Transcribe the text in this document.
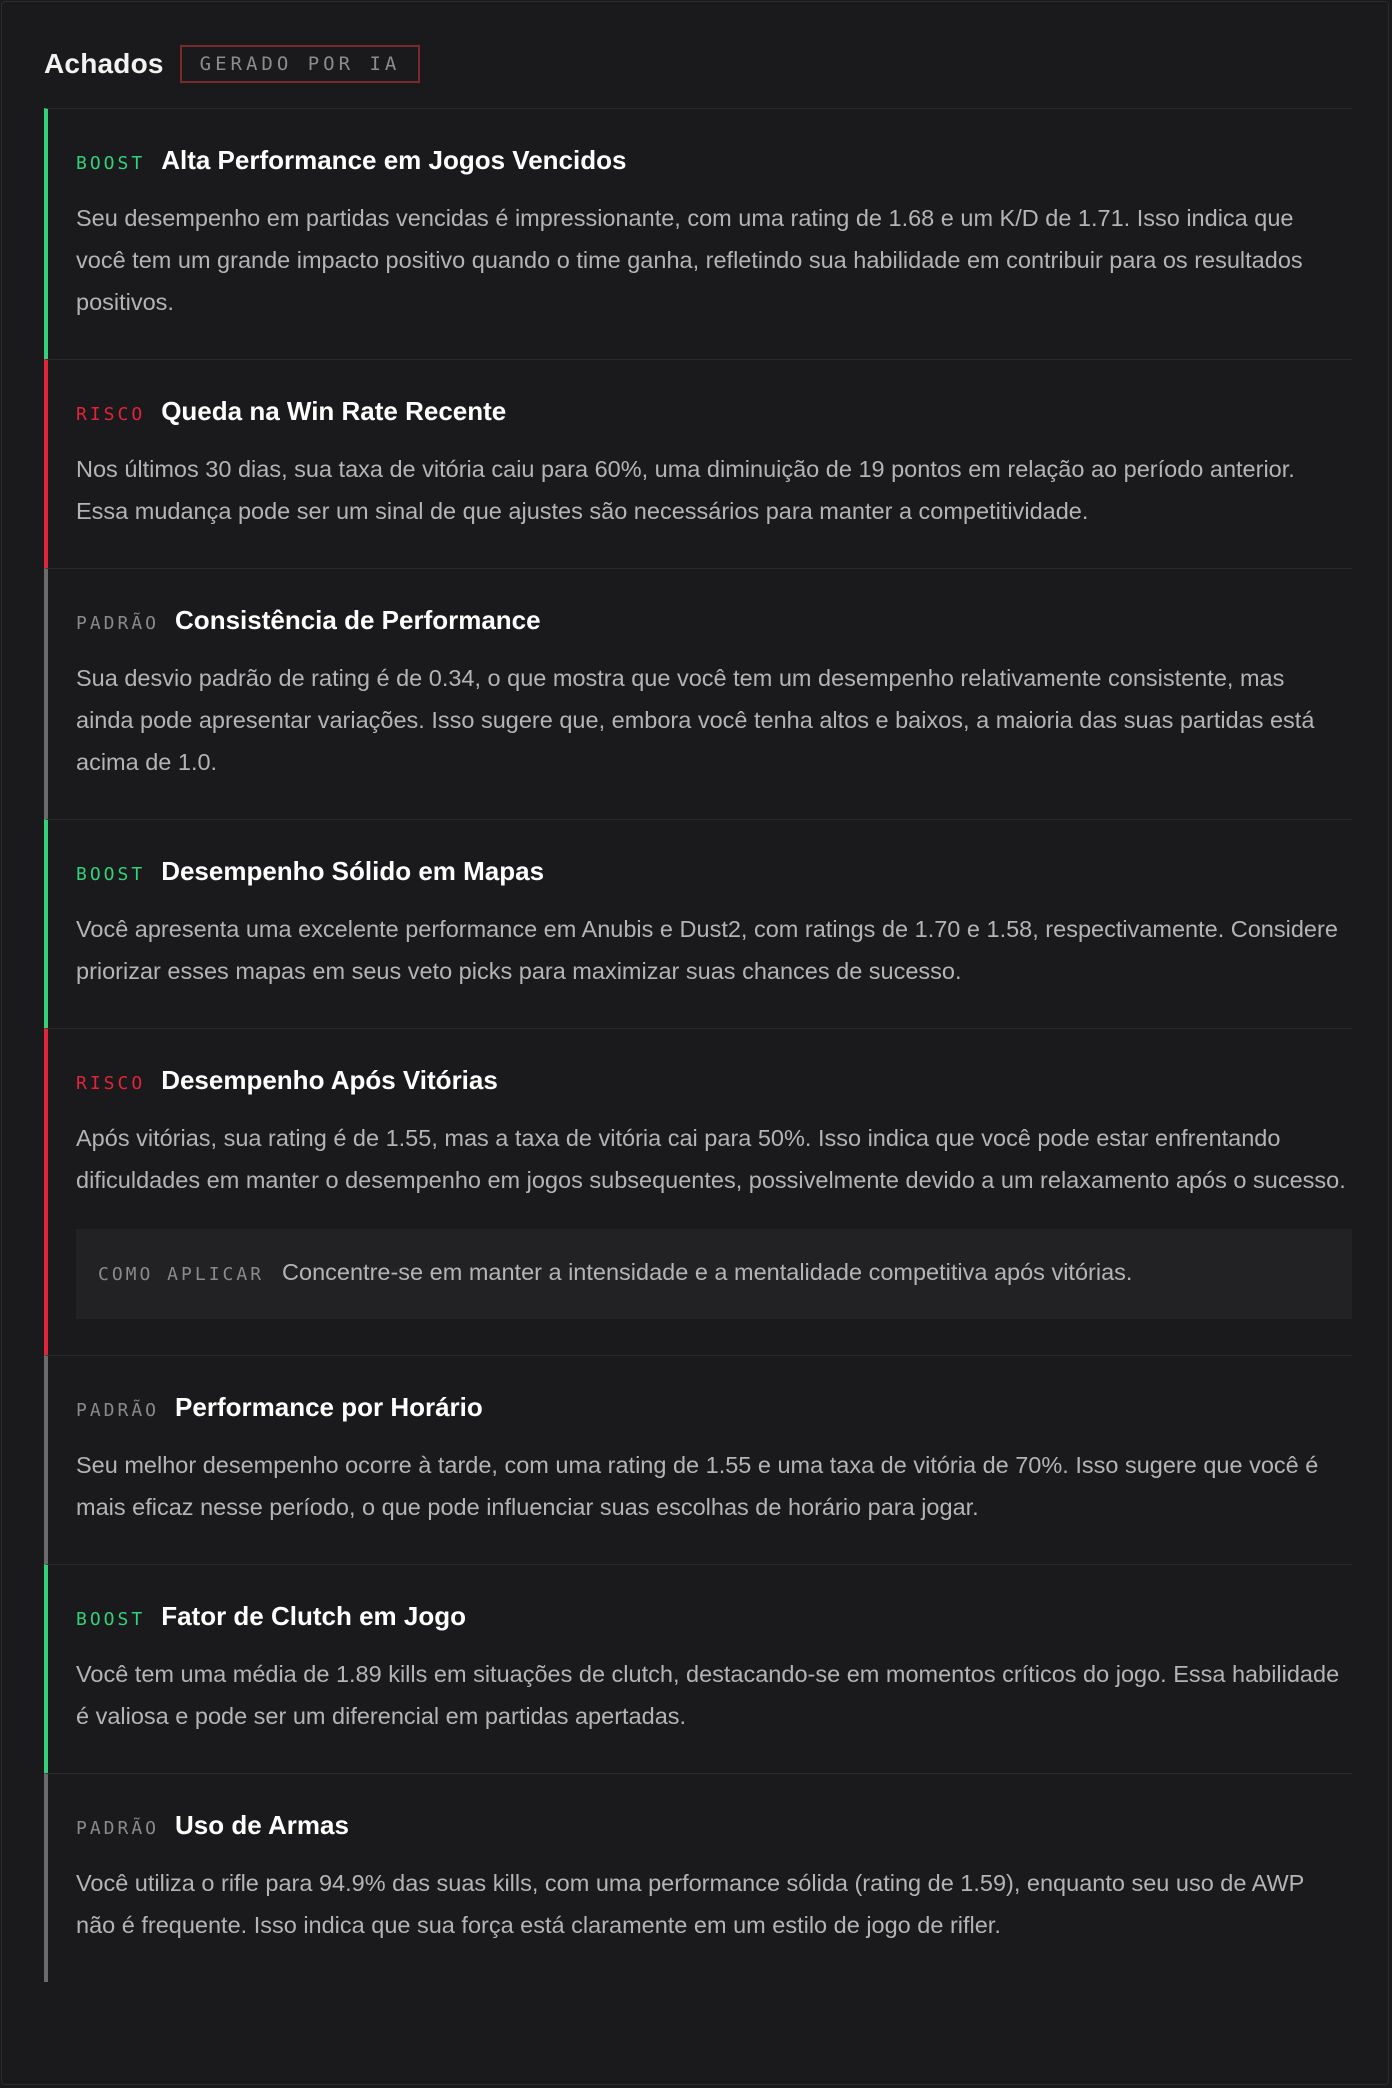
Achados	GERADO POR IA
BOOST Alta Performance em Jogos Vencidos
Seu desempenho em partidas vencidas é impressionante, com uma rating de 1.68 e um K/D de 1.71. Isso indica que você tem um grande impacto positivo quando o time ganha, refletindo sua habilidade em contribuir para os resultados positivos.
RISCO Queda na Win Rate Recente
Nos últimos 30 dias, sua taxa de vitória caiu para 60%, uma diminuição de 19 pontos em relação ao período anterior. Essa mudança pode ser um sinal de que ajustes são necessários para manter a competitividade.
PADRÃO Consistência de Performance
Sua desvio padrão de rating é de 0.34, o que mostra que você tem um desempenho relativamente consistente, mas ainda pode apresentar variações. Isso sugere que, embora você tenha altos e baixos, a maioria das suas partidas está acima de 1.0.
BOOST Desempenho Sólido em Mapas
Você apresenta uma excelente performance em Anubis e Dust2, com ratings de 1.70 e 1.58, respectivamente. Considere priorizar esses mapas em seus veto picks para maximizar suas chances de sucesso.
RISCO Desempenho Após Vitórias
Após vitórias, sua rating é de 1.55, mas a taxa de vitória cai para 50%. Isso indica que você pode estar enfrentando dificuldades em manter o desempenho em jogos subsequentes, possivelmente devido a um relaxamento após o sucesso.
COMO APLICAR Concentre-se em manter a intensidade e a mentalidade competitiva após vitórias.
PADRÃO Performance por Horário
Seu melhor desempenho ocorre à tarde, com uma rating de 1.55 e uma taxa de vitória de 70%. Isso sugere que você é mais eficaz nesse período, o que pode influenciar suas escolhas de horário para jogar.
BOOST Fator de Clutch em Jogo
Você tem uma média de 1.89 kills em situações de clutch, destacando-se em momentos críticos do jogo. Essa habilidade é valiosa e pode ser um diferencial em partidas apertadas.
PADRÃO Uso de Armas
Você utiliza o rifle para 94.9% das suas kills, com uma performance sólida (rating de 1.59), enquanto seu uso de AWP não é frequente. Isso indica que sua força está claramente em um estilo de jogo de rifler.
